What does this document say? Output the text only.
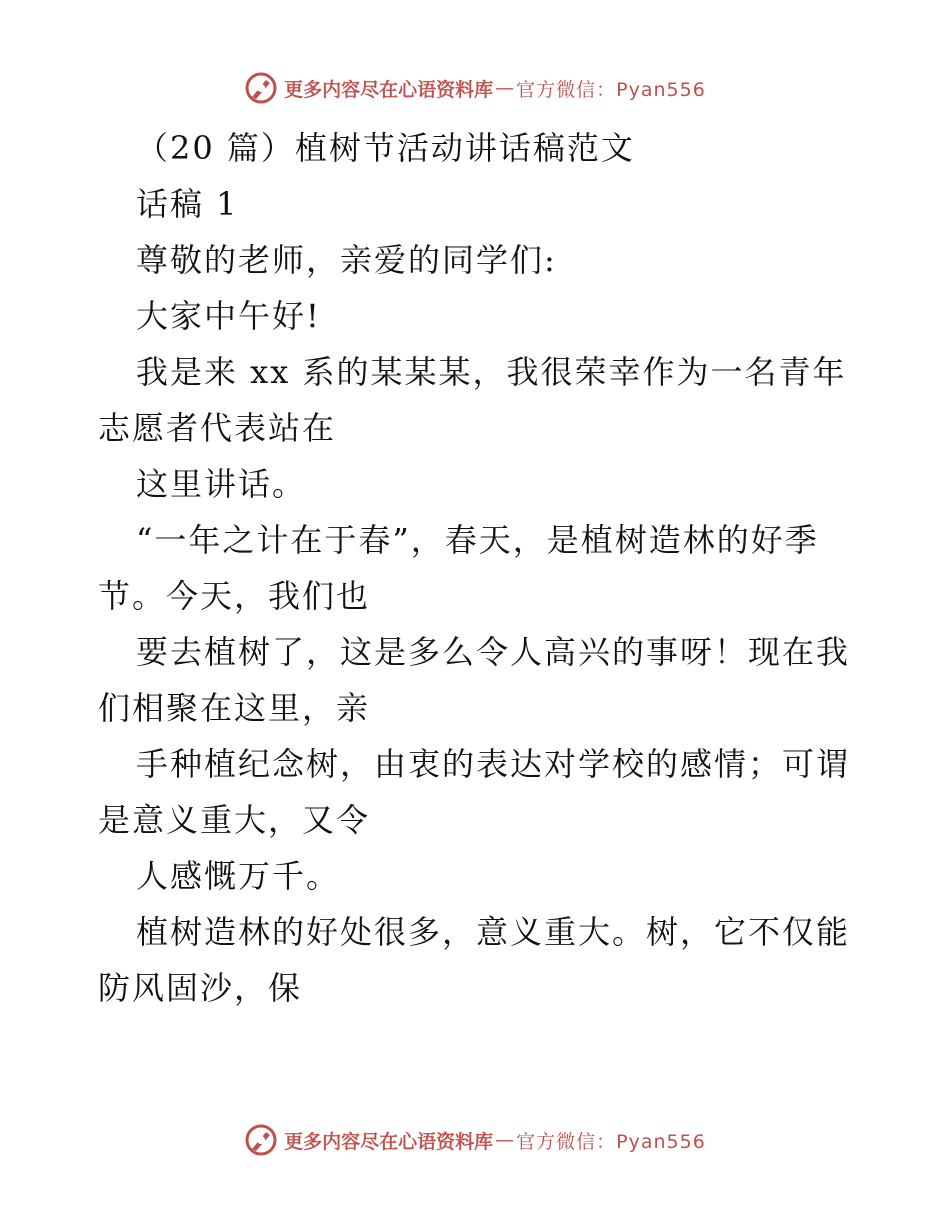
更多内容尽在心语资料库 — 官方微信：Pyan556

（20 篇）植树节活动讲话稿范文

话稿 1

尊敬的老师，亲爱的同学们:

大家中午好!

我是来 xx 系的某某某，我很荣幸作为一名青年志愿者代表站在

这里讲话。

“一年之计在于春”，春天，是植树造林的好季节。今天，我们也

要去植树了，这是多么令人高兴的事呀！现在我们相聚在这里，亲

手种植纪念树，由衷的表达对学校的感情；可谓是意义重大，又令

人感慨万千。

植树造林的好处很多，意义重大。树，它不仅能防风固沙，保

更多内容尽在心语资料库 — 官方微信：Pyan556
